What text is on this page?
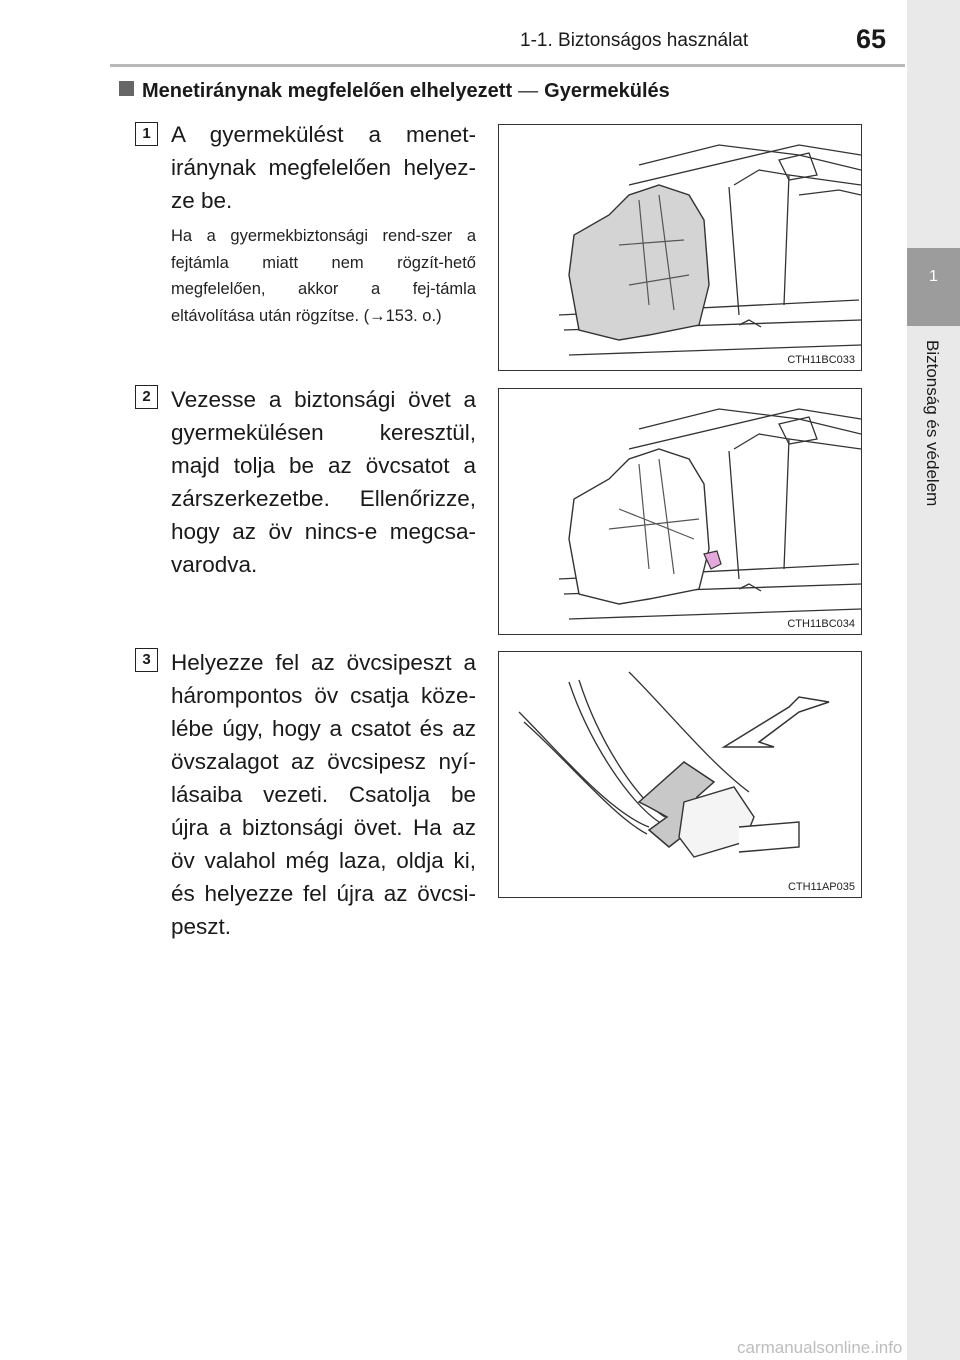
1-1. Biztonságos használat	65
1
Biztonság és védelem
Menetiránynak megfelelően elhelyezett — Gyermekülés
1 A gyermekülést a menet-iránynak megfelelően helyez-ze be.
Ha a gyermekbiztonsági rend-szer a fejtámla miatt nem rögzít-hető megfelelően, akkor a fej-támla eltávolítása után rögzítse. (→153. o.)
CTH11BC033
2 Vezesse a biztonsági övet a gyermekülésen keresztül, majd tolja be az övcsatot a zárszerkezetbe. Ellenőrizze, hogy az öv nincs-e megcsa-varodva.
CTH11BC034
3 Helyezze fel az övcsipeszt a hárompontos öv csatja köze-lébe úgy, hogy a csatot és az övszalagot az övcsipesz nyí-lásaiba vezeti. Csatolja be újra a biztonsági övet. Ha az öv valahol még laza, oldja ki, és helyezze fel újra az övcsi-peszt.
CTH11AP035
carmanualsonline.info
